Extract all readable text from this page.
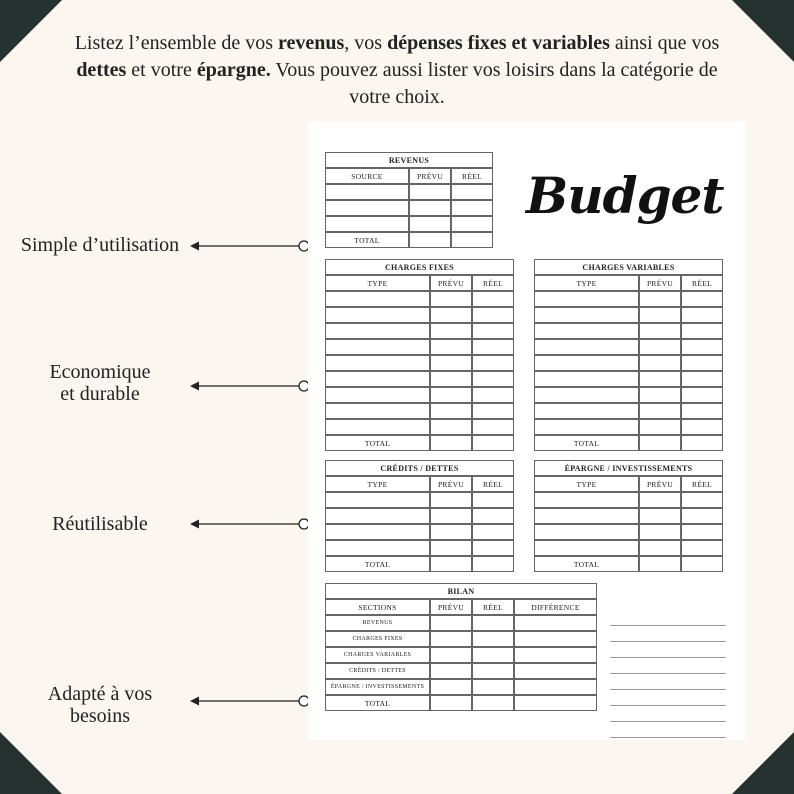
Listez l’ensemble de vos revenus, vos dépenses fixes et variables ainsi que vos dettes et votre épargne. Vous pouvez aussi lister vos loisirs dans la catégorie de votre choix.
Simple d’utilisation
Economique
et durable
Réutilisable
Adapté à vos
besoins
Budget
REVENUS		
SOURCE	PRÉVU	RÉEL

TOTAL		
CHARGES FIXES		
TYPE	PRÉVU	RÉEL

TOTAL		
CHARGES VARIABLES		
TYPE	PRÉVU	RÉEL

TOTAL		
CRÉDITS / DETTES		
TYPE	PRÉVU	RÉEL

TOTAL		
ÉPARGNE / INVESTISSEMENTS		
TYPE	PRÉVU	RÉEL

TOTAL		
BILAN			
SECTIONS	PRÉVU	RÉEL	DIFFÉRENCE
REVENUS			
CHARGES FIXES			
CHARGES VARIABLES			
CRÉDITS / DETTES			
ÉPARGNE / INVESTISSEMENTS			
TOTAL			
